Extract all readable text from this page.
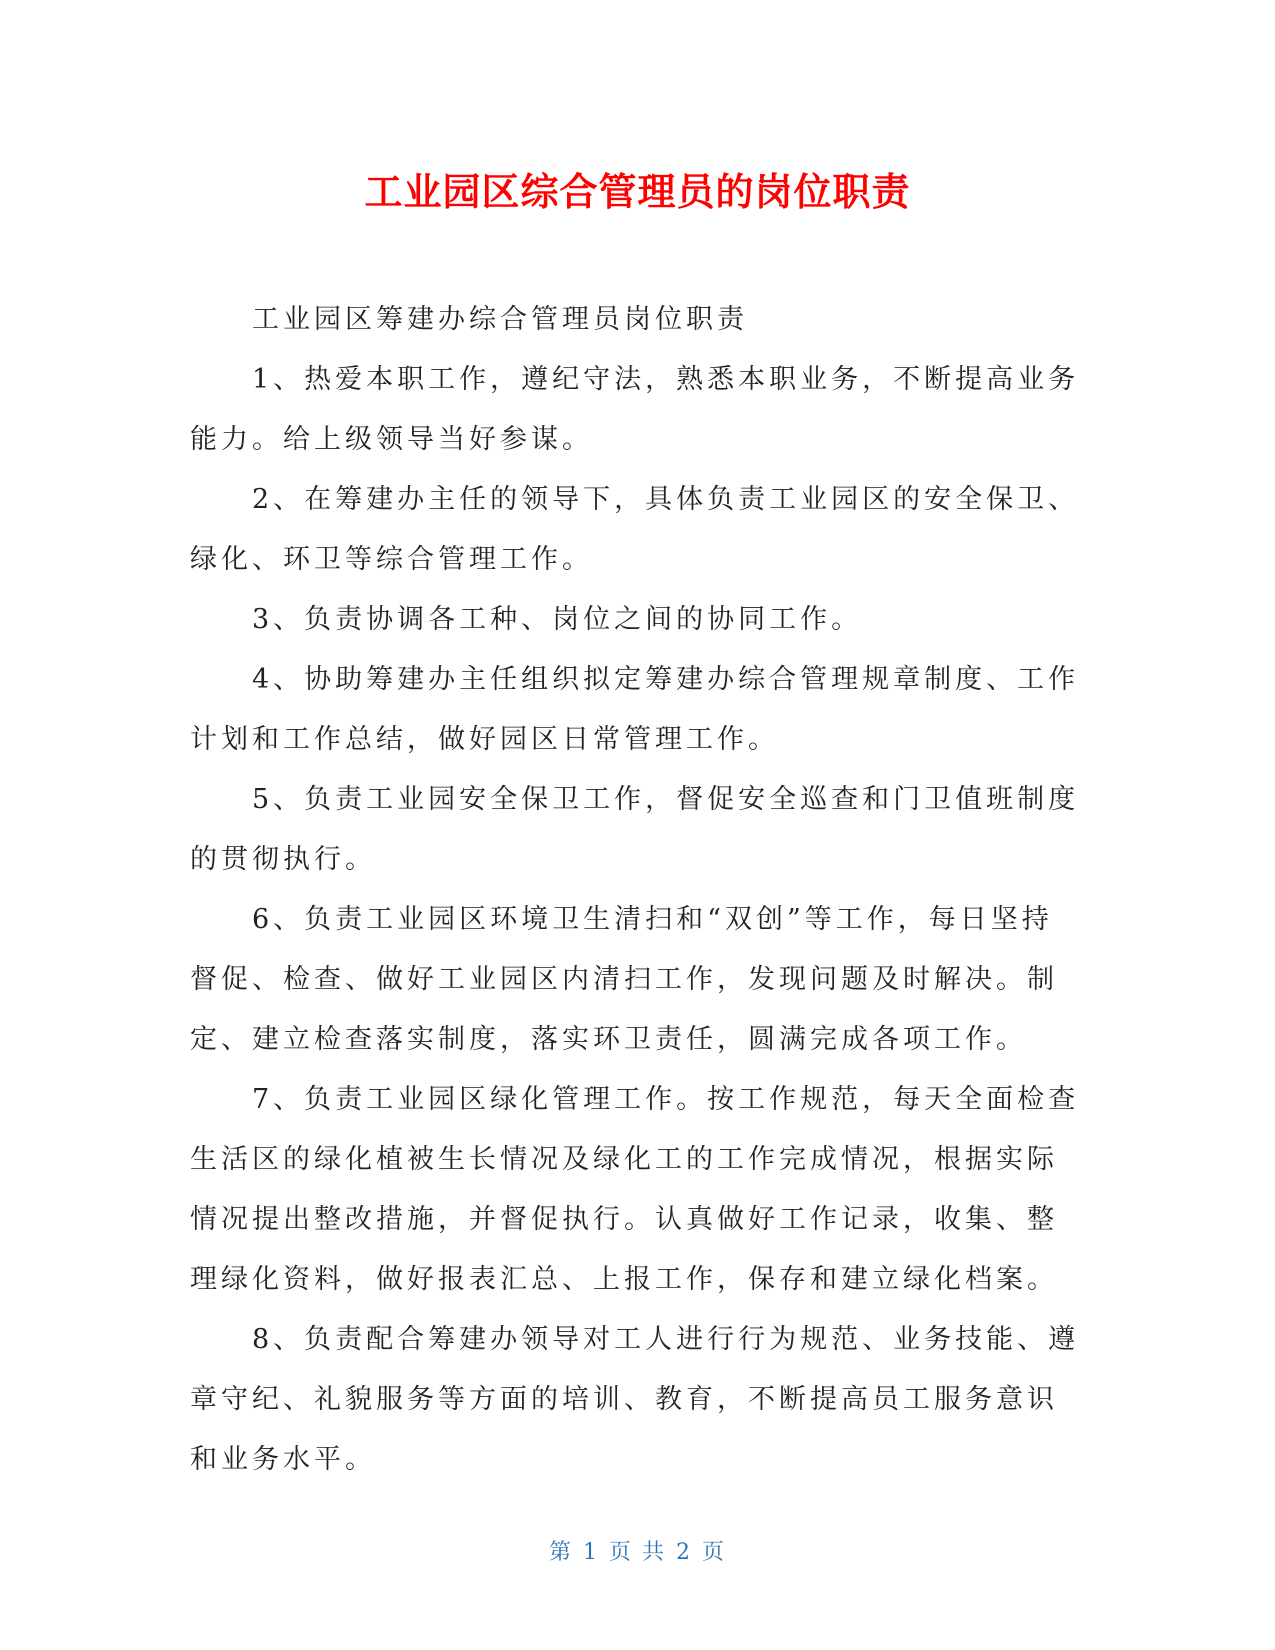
工业园区综合管理员的岗位职责

工业园区筹建办综合管理员岗位职责

1、热爱本职工作，遵纪守法，熟悉本职业务，不断提高业务能力。给上级领导当好参谋。

2、在筹建办主任的领导下，具体负责工业园区的安全保卫、绿化、环卫等综合管理工作。

3、负责协调各工种、岗位之间的协同工作。

4、协助筹建办主任组织拟定筹建办综合管理规章制度、工作计划和工作总结，做好园区日常管理工作。

5、负责工业园安全保卫工作，督促安全巡查和门卫值班制度的贯彻执行。

6、负责工业园区环境卫生清扫和“双创”等工作，每日坚持督促、检查、做好工业园区内清扫工作，发现问题及时解决。制定、建立检查落实制度，落实环卫责任，圆满完成各项工作。

7、负责工业园区绿化管理工作。按工作规范，每天全面检查生活区的绿化植被生长情况及绿化工的工作完成情况，根据实际情况提出整改措施，并督促执行。认真做好工作记录，收集、整理绿化资料，做好报表汇总、上报工作，保存和建立绿化档案。

8、负责配合筹建办领导对工人进行行为规范、业务技能、遵章守纪、礼貌服务等方面的培训、教育，不断提高员工服务意识和业务水平。

第 1 页 共 2 页
